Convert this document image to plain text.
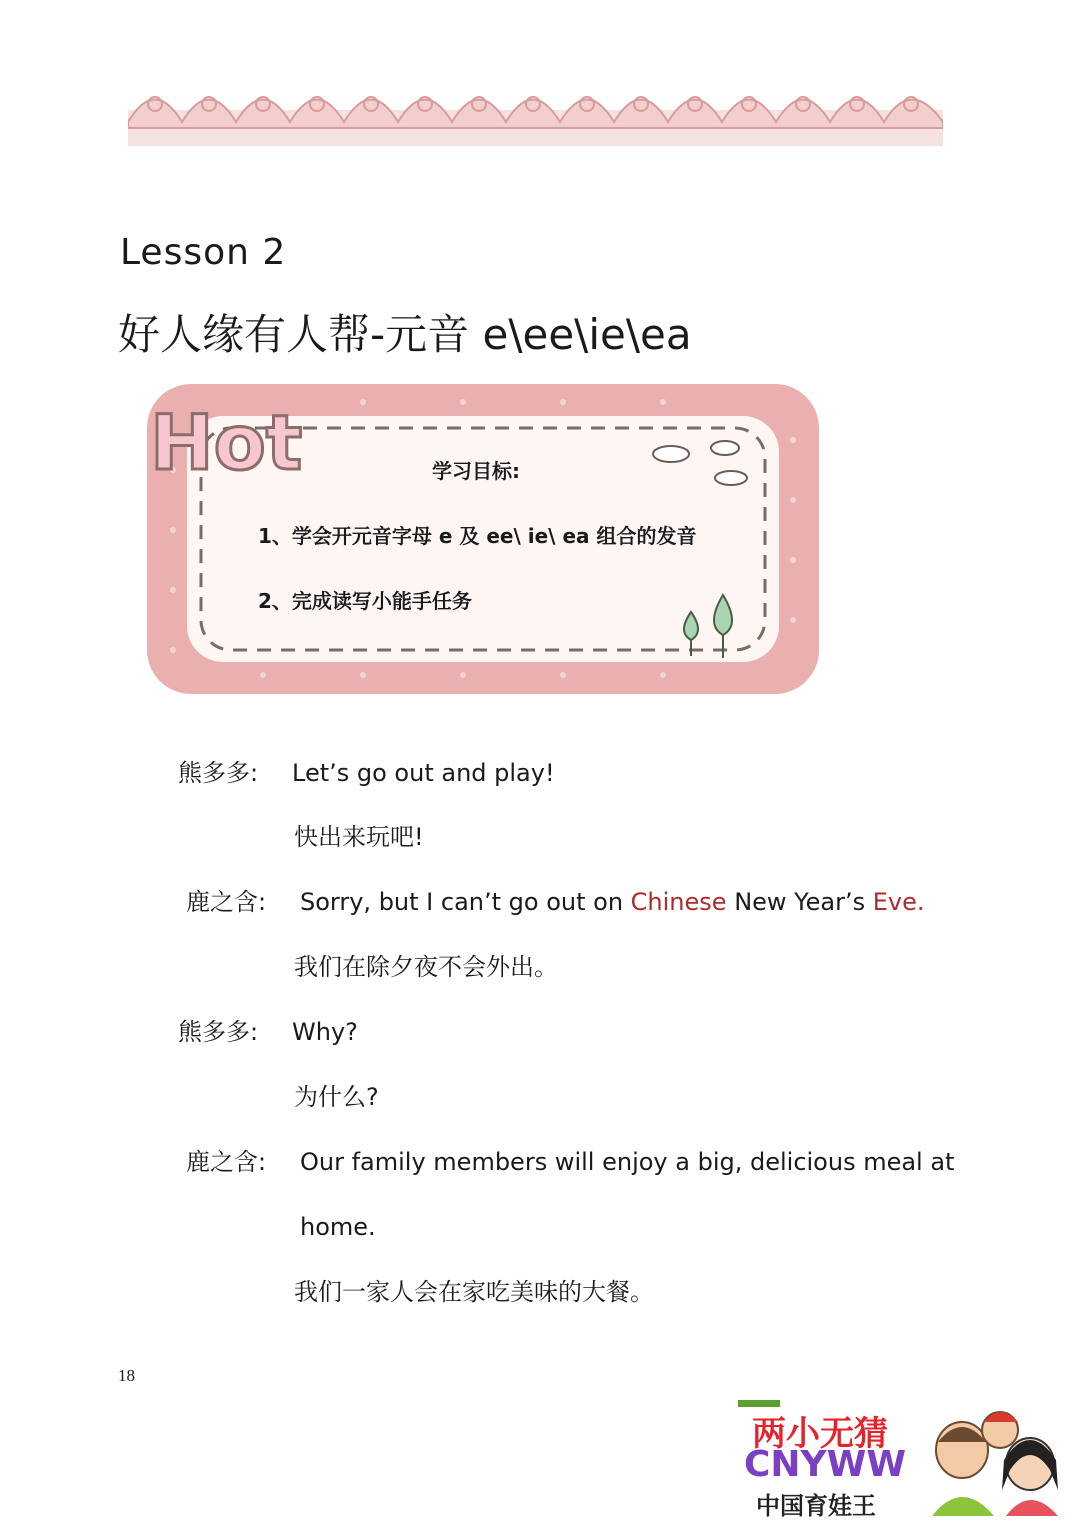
Lesson 2
好人缘有人帮-元音 e\ee\ie\ea
Hot	学习目标:
1、学会开元音字母 e 及 ee\ ie\ ea 组合的发音
2、完成读写小能手任务
熊多多: Let’s go out and play!
快出来玩吧!
鹿之含: Sorry, but I can’t go out on Chinese New Year’s Eve.
我们在除夕夜不会外出。
熊多多: Why?
为什么?
鹿之含: Our family members will enjoy a big, delicious meal at
home.
我们一家人会在家吃美味的大餐。
18
两小无猜
CNYWW
中国育娃王
